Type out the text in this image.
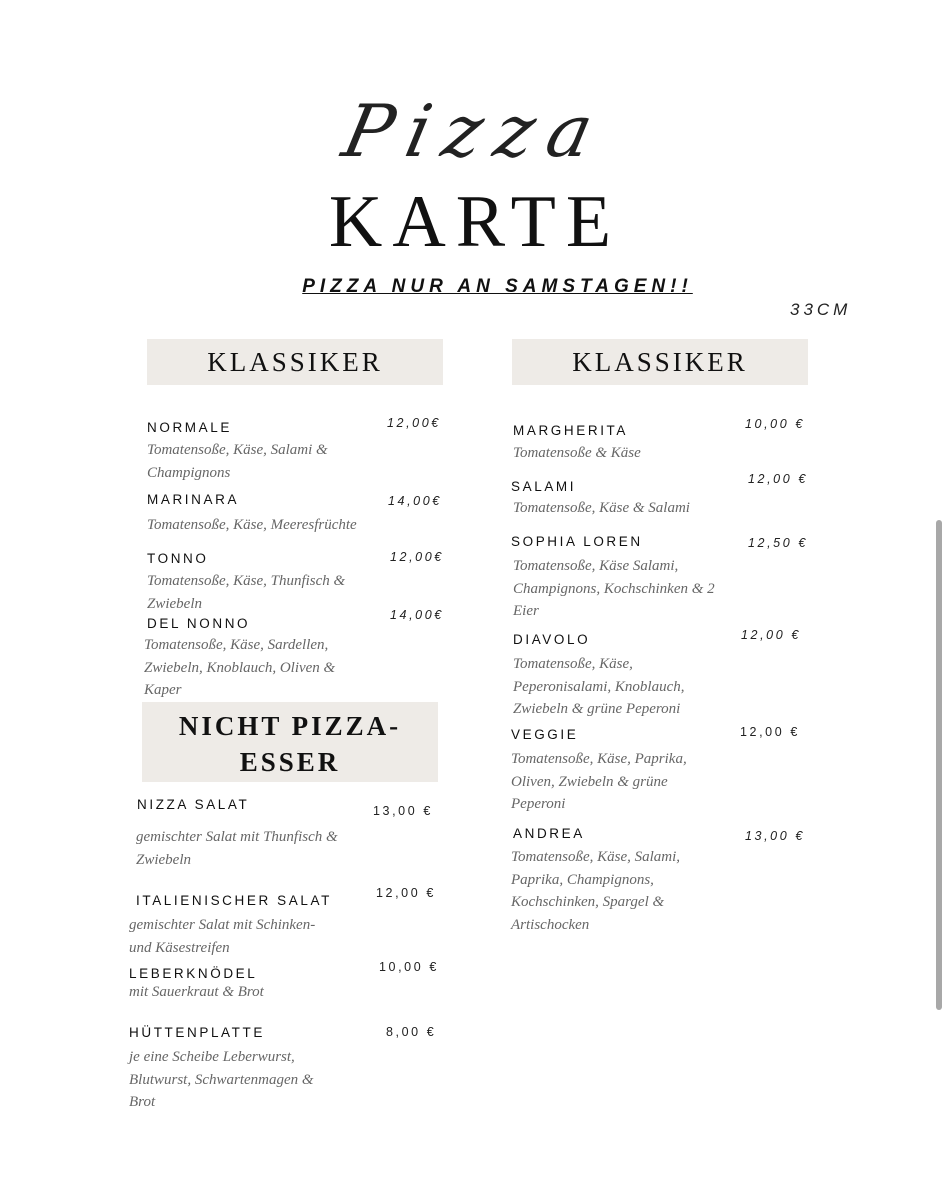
Pizza
KARTE
PIZZA NUR AN SAMSTAGEN!!
33CM
KLASSIKER
NORMALE	12,00€
Tomatensoße, Käse, Salami & Champignons
MARINARA	14,00€
Tomatensoße, Käse, Meeresfrüchte
TONNO	12,00€
Tomatensoße, Käse, Thunfisch & Zwiebeln
DEL NONNO
14,00€
Tomatensoße, Käse, Sardellen, Zwiebeln, Knoblauch, Oliven & Kaper
NICHT PIZZA-
ESSER
NIZZA SALAT	13,00 €
gemischter Salat mit Thunfisch & Zwiebeln
ITALIENISCHER SALAT	12,00 €
gemischter Salat mit Schinken- und Käsestreifen
LEBERKNÖDEL	10,00 €
mit Sauerkraut & Brot
HÜTTENPLATTE	8,00 €
je eine Scheibe Leberwurst, Blutwurst, Schwartenmagen & Brot
KLASSIKER
MARGHERITA	10,00 €
Tomatensoße & Käse
SALAMI	12,00 €
Tomatensoße, Käse & Salami
SOPHIA LOREN	12,50 €
Tomatensoße, Käse Salami, Champignons, Kochschinken & 2 Eier
DIAVOLO	12,00 €
Tomatensoße, Käse, Peperonisalami, Knoblauch, Zwiebeln & grüne Peperoni
VEGGIE	12,00 €
Tomatensoße, Käse, Paprika, Oliven, Zwiebeln & grüne Peperoni
ANDREA	13,00 €
Tomatensoße, Käse, Salami, Paprika, Champignons, Kochschinken, Spargel & Artischocken
